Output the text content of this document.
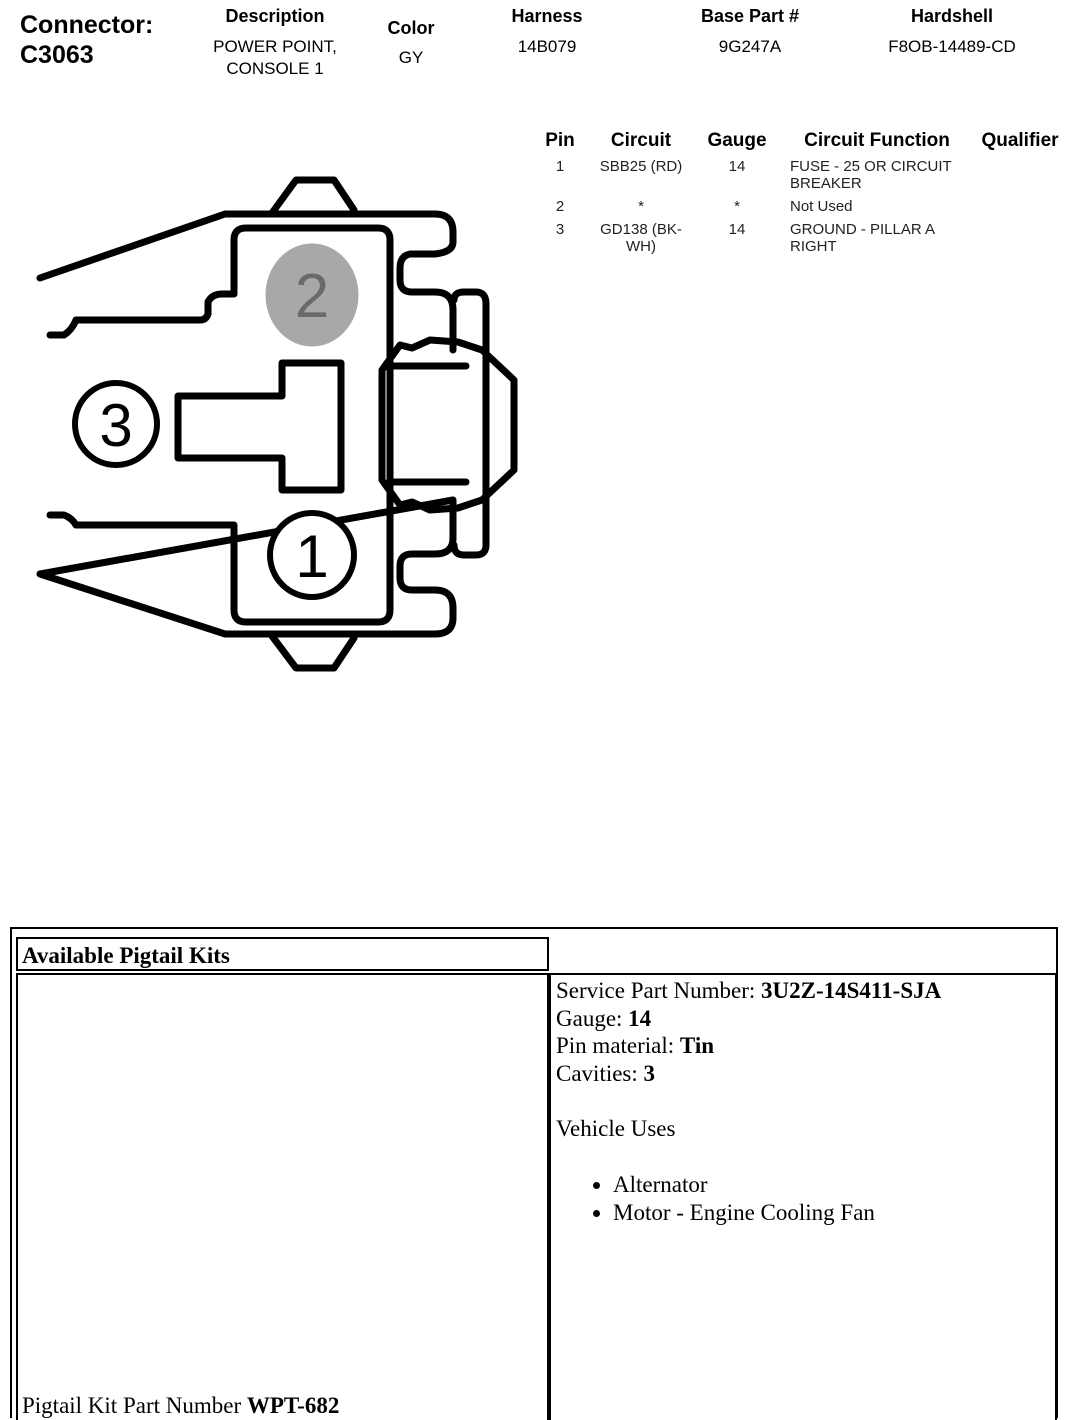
Connector:
C3063
Description
POWER POINT,
CONSOLE 1
Color
GY
Harness
14B079
Base Part #
9G247A
Hardshell
F8OB-14489-CD
Pin	Circuit	Gauge	Circuit Function	Qualifier
1	SBB25 (RD)	14	FUSE - 25 OR CIRCUIT BREAKER	
2	*	*	Not Used	
3	GD138 (BK-WH)	14	GROUND - PILLAR A RIGHT	
2
3
1
Available Pigtail Kits
Pigtail Kit Part Number WPT-682
Service Part Number: 3U2Z-14S411-SJA
Gauge: 14
Pin material: Tin
Cavities: 3
Vehicle Uses
• Alternator
• Motor - Engine Cooling Fan
